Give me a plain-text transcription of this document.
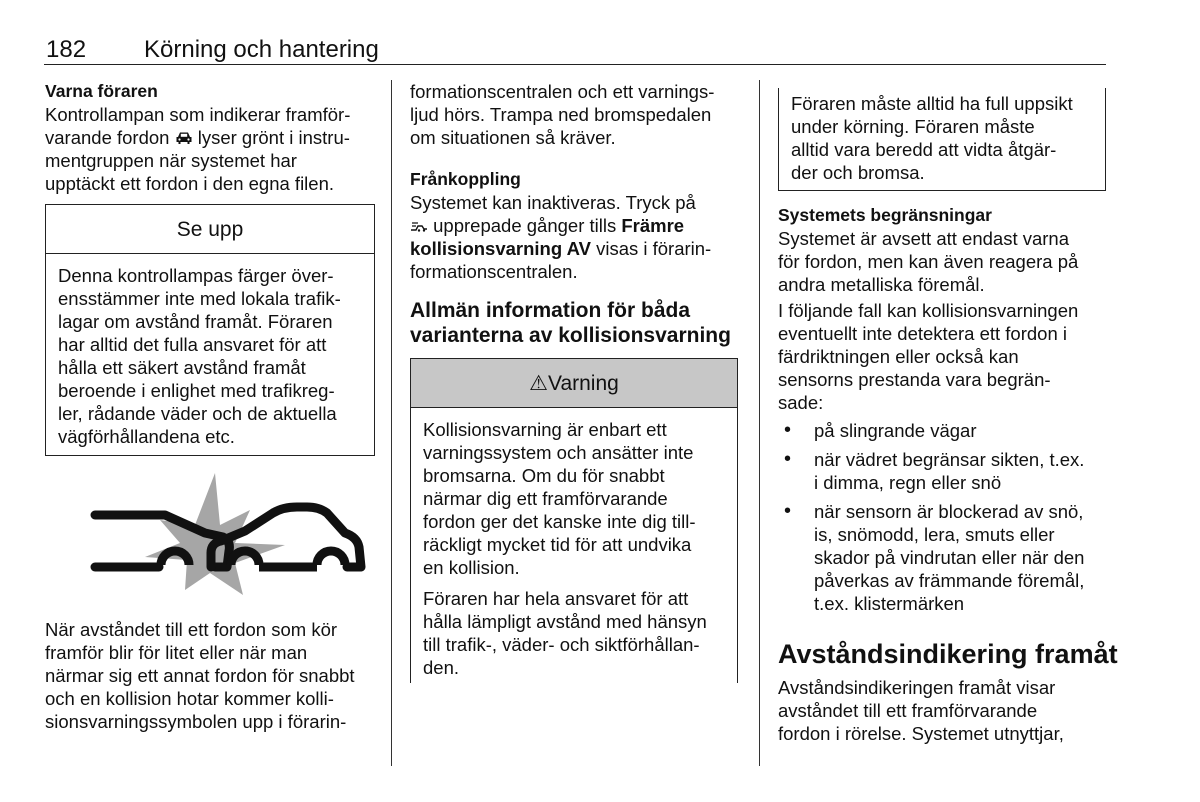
182 Körning och hantering

Varna föraren

Kontrollampan som indikerar framför-
varande fordon lyser grönt i instru-
mentgruppen när systemet har
upptäckt ett fordon i den egna filen.

Se upp
Denna kontrollampas färger över-
ensstämmer inte med lokala trafik-
lagar om avstånd framåt. Föraren
har alltid det fulla ansvaret för att
hålla ett säkert avstånd framåt
beroende i enlighet med trafikreg-
ler, rådande väder och de aktuella
vägförhållandena etc.

När avståndet till ett fordon som kör
framför blir för litet eller när man
närmar sig ett annat fordon för snabbt
och en kollision hotar kommer kolli-
sionsvarningssymbolen upp i förarin-

formationscentralen och ett varnings-
ljud hörs. Trampa ned bromspedalen
om situationen så kräver.

Frånkoppling

Systemet kan inaktiveras. Tryck på
upprepade gånger tills Främre
kollisionsvarning AV visas i förarin-
formationscentralen.

Allmän information för båda
varianterna av kollisionsvarning

⚠ Varning

Kollisionsvarning är enbart ett
varningssystem och ansätter inte
bromsarna. Om du för snabbt
närmar dig ett framförvarande
fordon ger det kanske inte dig till-
räckligt mycket tid för att undvika
en kollision.

Föraren har hela ansvaret för att
hålla lämpligt avstånd med hänsyn
till trafik-, väder- och siktförhållan-
den.

Föraren måste alltid ha full uppsikt
under körning. Föraren måste
alltid vara beredd att vidta åtgär-
der och bromsa.

Systemets begränsningar

Systemet är avsett att endast varna
för fordon, men kan även reagera på
andra metalliska föremål.

I följande fall kan kollisionsvarningen
eventuellt inte detektera ett fordon i
färdriktningen eller också kan
sensorns prestanda vara begrän-
sade:

• på slingrande vägar
• när vädret begränsar sikten, t.ex.
i dimma, regn eller snö
• när sensorn är blockerad av snö,
is, snömodd, lera, smuts eller
skador på vindrutan eller när den
påverkas av främmande föremål,
t.ex. klistermärken

Avståndsindikering framåt

Avståndsindikeringen framåt visar
avståndet till ett framförvarande
fordon i rörelse. Systemet utnyttjar,
